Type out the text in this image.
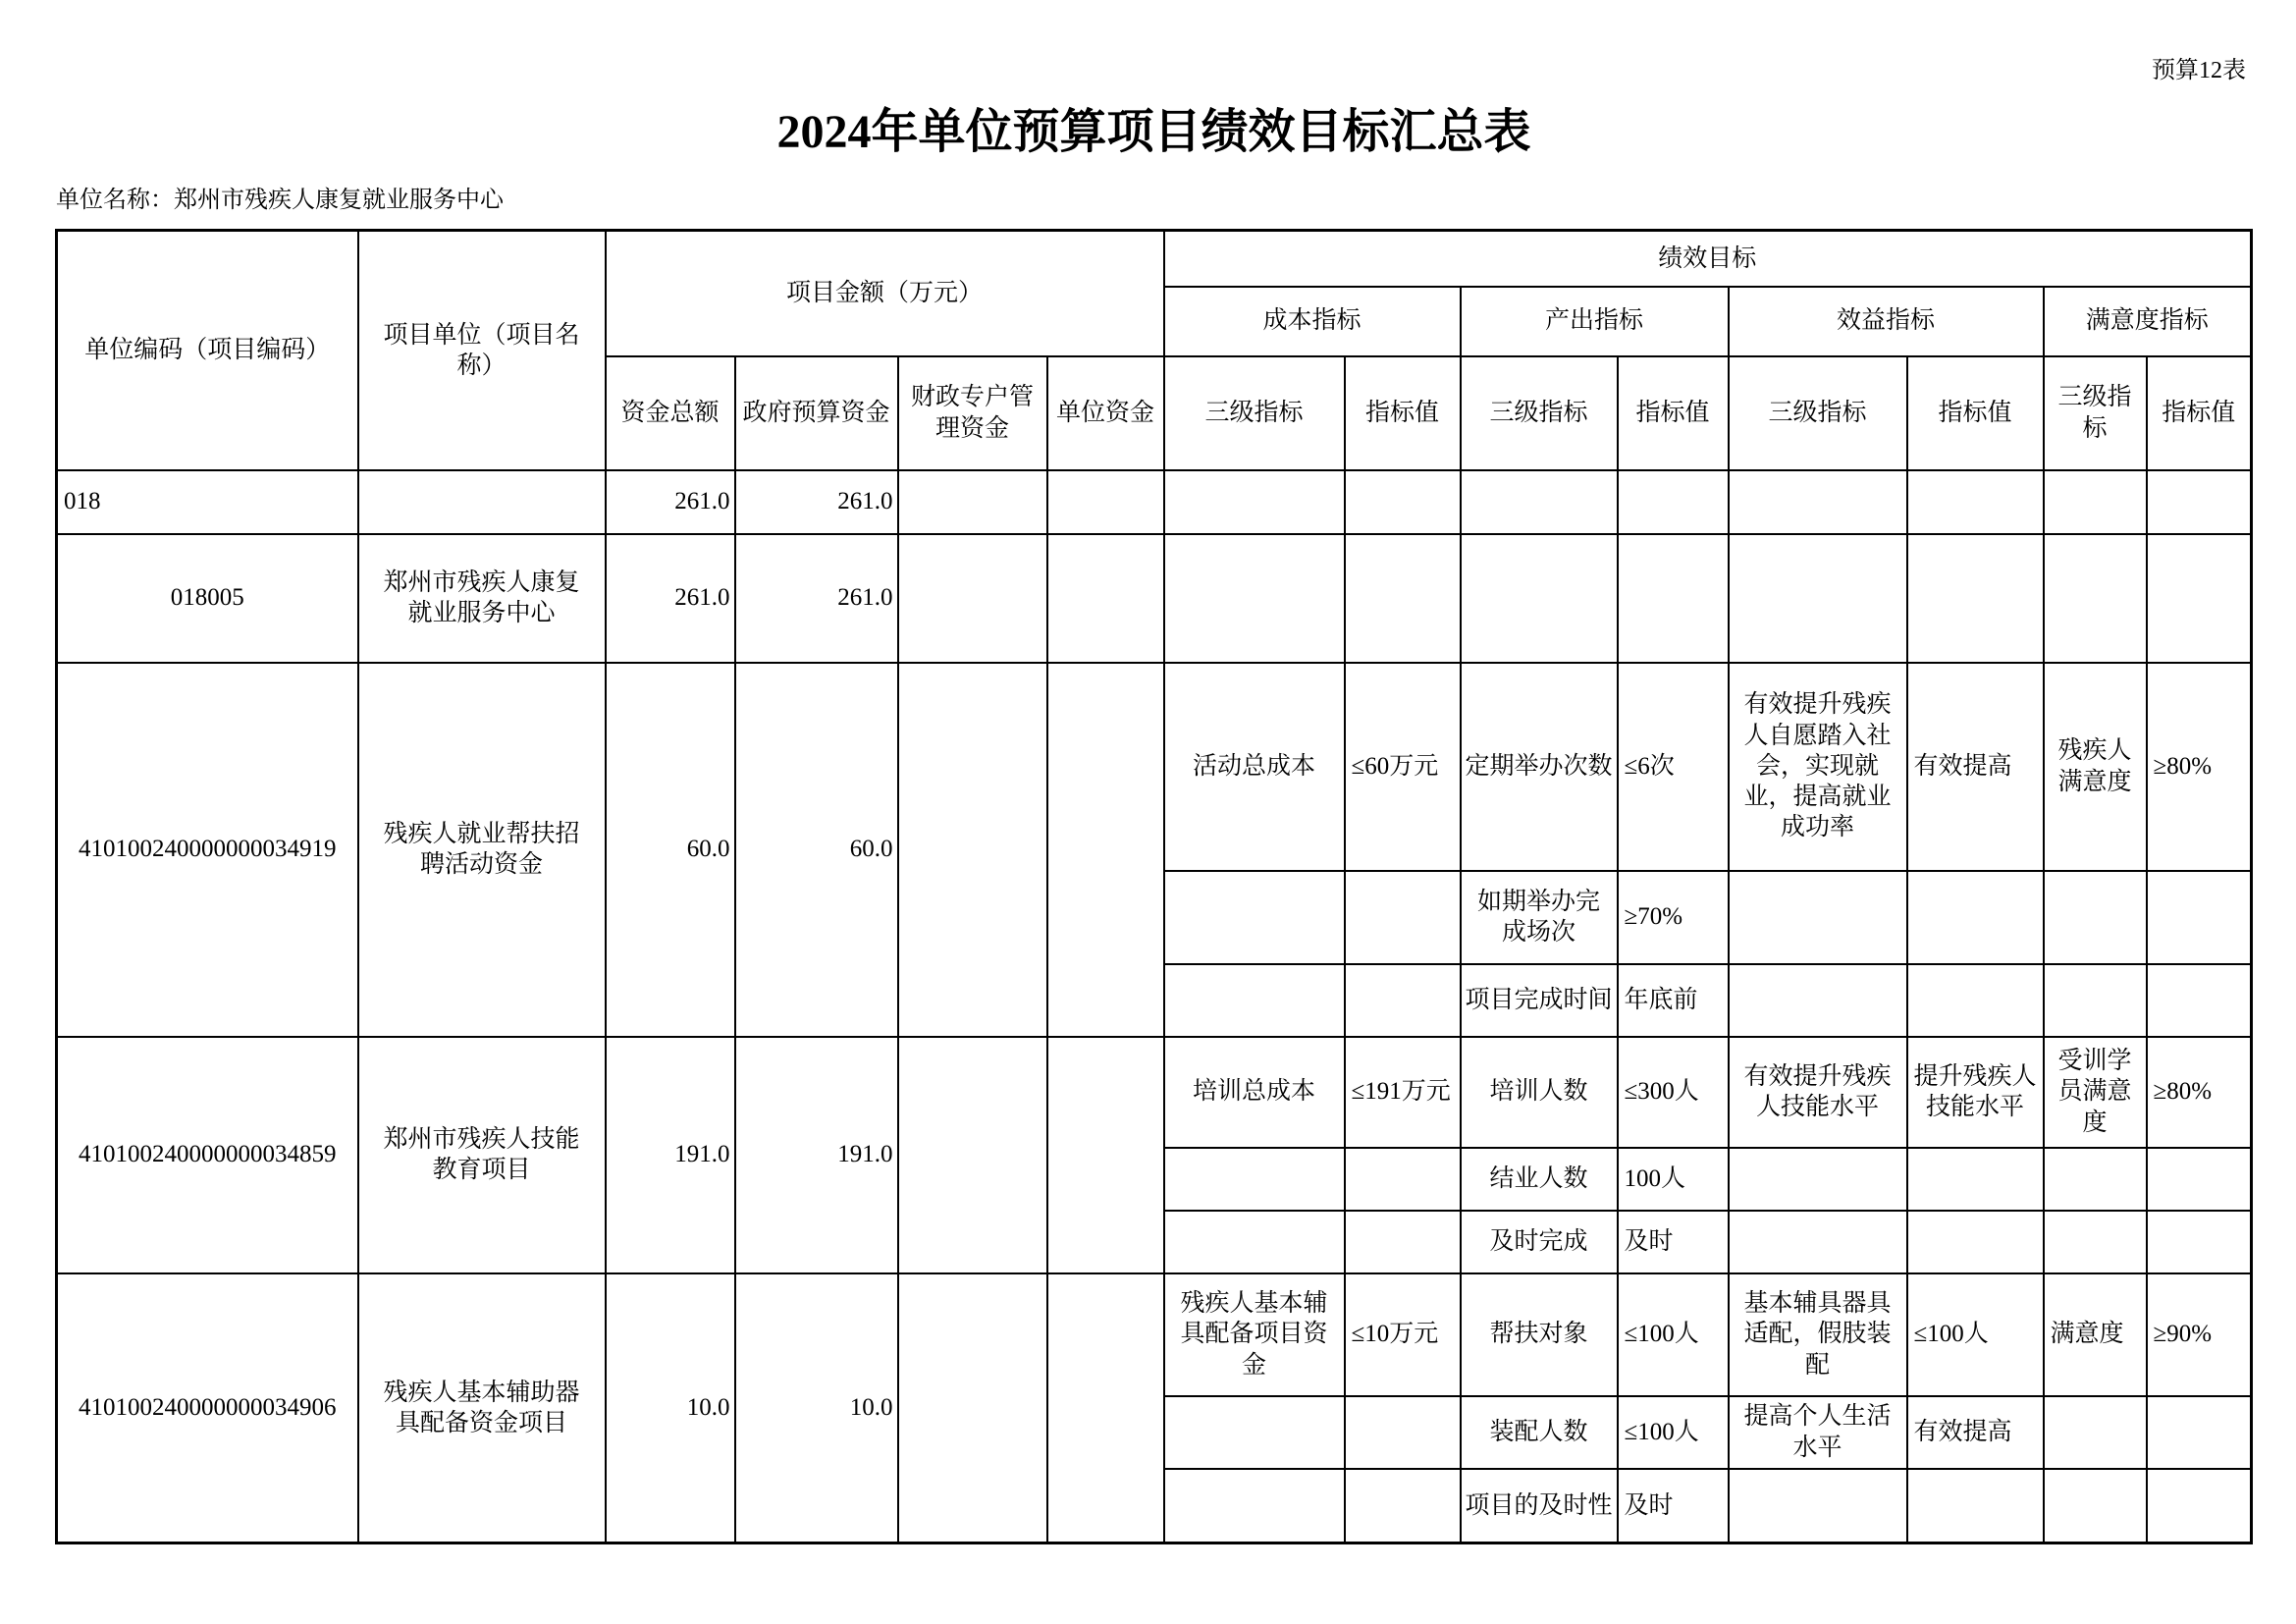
预算12表
2024年单位预算项目绩效目标汇总表
单位名称：郑州市残疾人康复就业服务中心
单位编码（项目编码）	项目单位（项目名称）	项目金额（万元）				绩效目标							
						成本指标		产出指标		效益指标		满意度指标	
		资金总额	政府预算资金	财政专户管理资金	单位资金	三级指标	指标值	三级指标	指标值	三级指标	指标值	三级指标	指标值
018		261.0	261.0										
018005	郑州市残疾人康复就业服务中心	261.0	261.0										
410100240000000034919	残疾人就业帮扶招聘活动资金	60.0	60.0			活动总成本	≤60万元	定期举办次数	≤6次	有效提升残疾人自愿踏入社会，实现就业，提高就业成功率	有效提高	残疾人满意度	≥80%
								如期举办完成场次	≥70%				
								项目完成时间	年底前				
410100240000000034859	郑州市残疾人技能教育项目	191.0	191.0			培训总成本	≤191万元	培训人数	≤300人	有效提升残疾人技能水平	提升残疾人技能水平	受训学员满意度	≥80%
								结业人数	100人				
								及时完成	及时				
410100240000000034906	残疾人基本辅助器具配备资金项目	10.0	10.0			残疾人基本辅具配备项目资金	≤10万元	帮扶对象	≤100人	基本辅具器具适配，假肢装配	≤100人	满意度	≥90%
								装配人数	≤100人	提高个人生活水平	有效提高		
								项目的及时性	及时				
